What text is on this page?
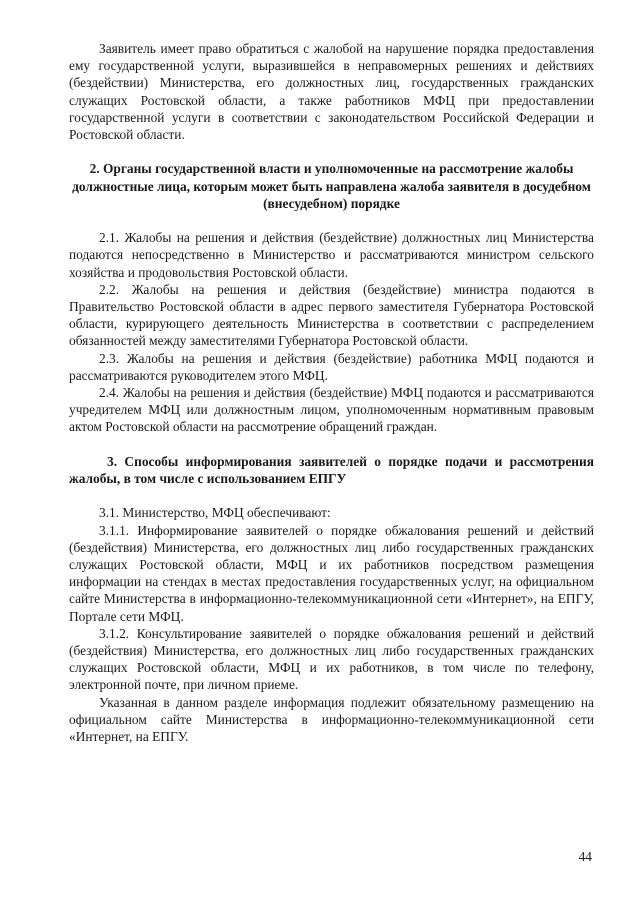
Заявитель имеет право обратиться с жалобой на нарушение порядка предоставления ему государственной услуги, выразившейся в неправомерных решениях и действиях (бездействии) Министерства, его должностных лиц, государственных гражданских служащих Ростовской области, а также работников МФЦ при предоставлении государственной услуги в соответствии с законодательством Российской Федерации и Ростовской области.

2. Органы государственной власти и уполномоченные на рассмотрение жалобы должностные лица, которым может быть направлена жалоба заявителя в досудебном (внесудебном) порядке

2.1. Жалобы на решения и действия (бездействие) должностных лиц Министерства подаются непосредственно в Министерство и рассматриваются министром сельского хозяйства и продовольствия Ростовской области.

2.2. Жалобы на решения и действия (бездействие) министра подаются в Правительство Ростовской области в адрес первого заместителя Губернатора Ростовской области, курирующего деятельность Министерства в соответствии с распределением обязанностей между заместителями Губернатора Ростовской области.

2.3. Жалобы на решения и действия (бездействие) работника МФЦ подаются и рассматриваются руководителем этого МФЦ.

2.4. Жалобы на решения и действия (бездействие) МФЦ подаются и рассматриваются учредителем МФЦ или должностным лицом, уполномоченным нормативным правовым актом Ростовской области на рассмотрение обращений граждан.

3. Способы информирования заявителей о порядке подачи и рассмотрения жалобы, в том числе с использованием ЕПГУ

3.1. Министерство, МФЦ обеспечивают:

3.1.1. Информирование заявителей о порядке обжалования решений и действий (бездействия) Министерства, его должностных лиц либо государственных гражданских служащих Ростовской области, МФЦ и их работников посредством размещения информации на стендах в местах предоставления государственных услуг, на официальном сайте Министерства в информационно-телекоммуникационной сети «Интернет», на ЕПГУ, Портале сети МФЦ.

3.1.2. Консультирование заявителей о порядке обжалования решений и действий (бездействия) Министерства, его должностных лиц либо государственных гражданских служащих Ростовской области, МФЦ и их работников, в том числе по телефону, электронной почте, при личном приеме.

Указанная в данном разделе информация подлежит обязательному размещению на официальном сайте Министерства в информационно-телекоммуникационной сети «Интернет, на ЕПГУ.

44
